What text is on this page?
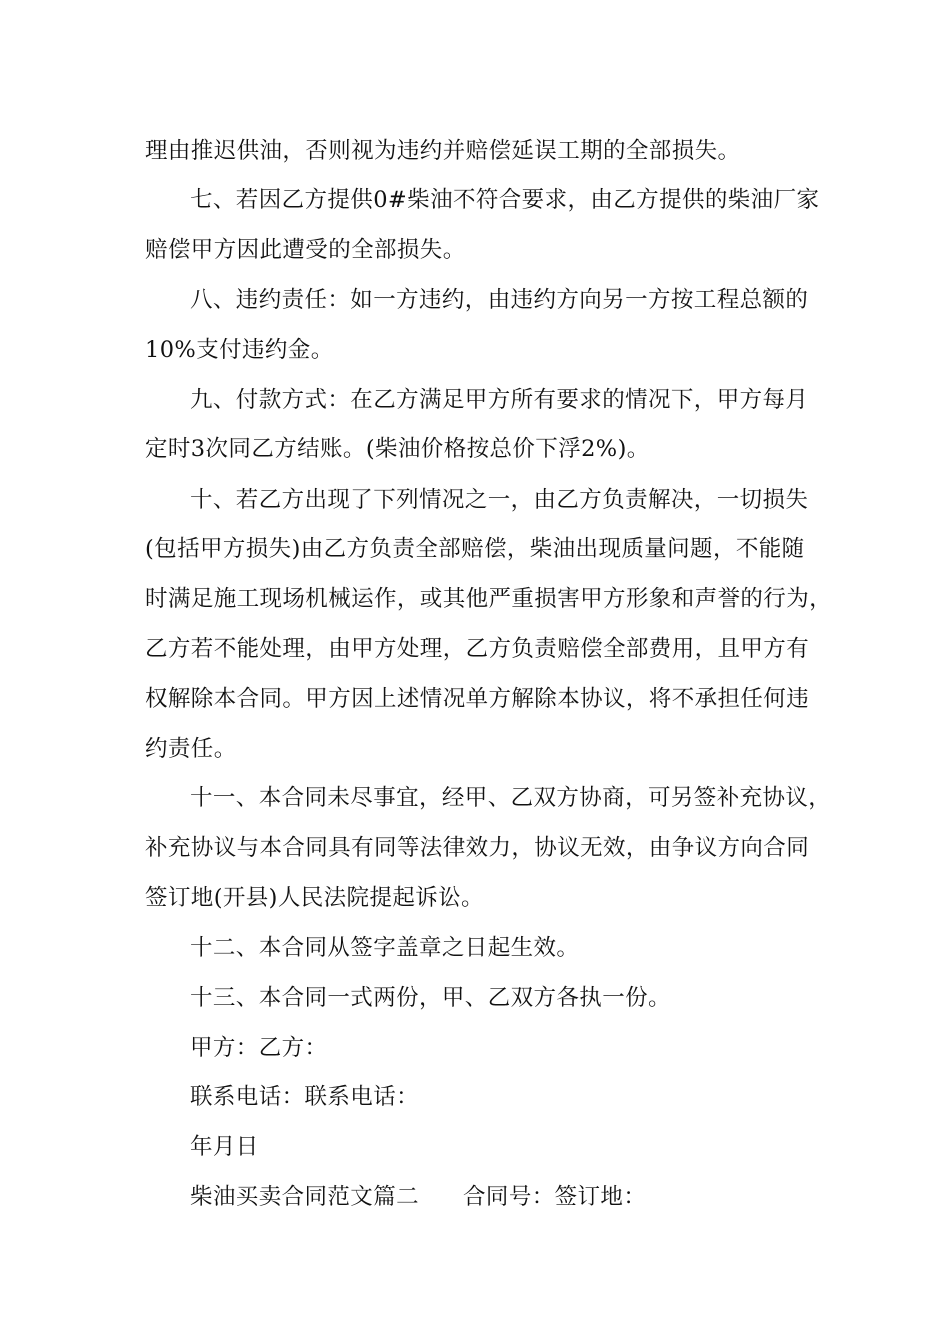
理由推迟供油，否则视为违约并赔偿延误工期的全部损失。
七、若因乙方提供0#柴油不符合要求，由乙方提供的柴油厂家
赔偿甲方因此遭受的全部损失。
八、违约责任：如一方违约，由违约方向另一方按工程总额的
10%支付违约金。
九、付款方式：在乙方满足甲方所有要求的情况下，甲方每月
定时3次同乙方结账。(柴油价格按总价下浮2%)。
十、若乙方出现了下列情况之一，由乙方负责解决，一切损失
(包括甲方损失)由乙方负责全部赔偿，柴油出现质量问题，不能随
时满足施工现场机械运作，或其他严重损害甲方形象和声誉的行为，
乙方若不能处理，由甲方处理，乙方负责赔偿全部费用，且甲方有
权解除本合同。甲方因上述情况单方解除本协议，将不承担任何违
约责任。
十一、本合同未尽事宜，经甲、乙双方协商，可另签补充协议，
补充协议与本合同具有同等法律效力，协议无效，由争议方向合同
签订地(开县)人民法院提起诉讼。
十二、本合同从签字盖章之日起生效。
十三、本合同一式两份，甲、乙双方各执一份。
甲方：乙方：
联系电话：联系电话：
年月日
柴油买卖合同范文篇二 合同号：签订地：
